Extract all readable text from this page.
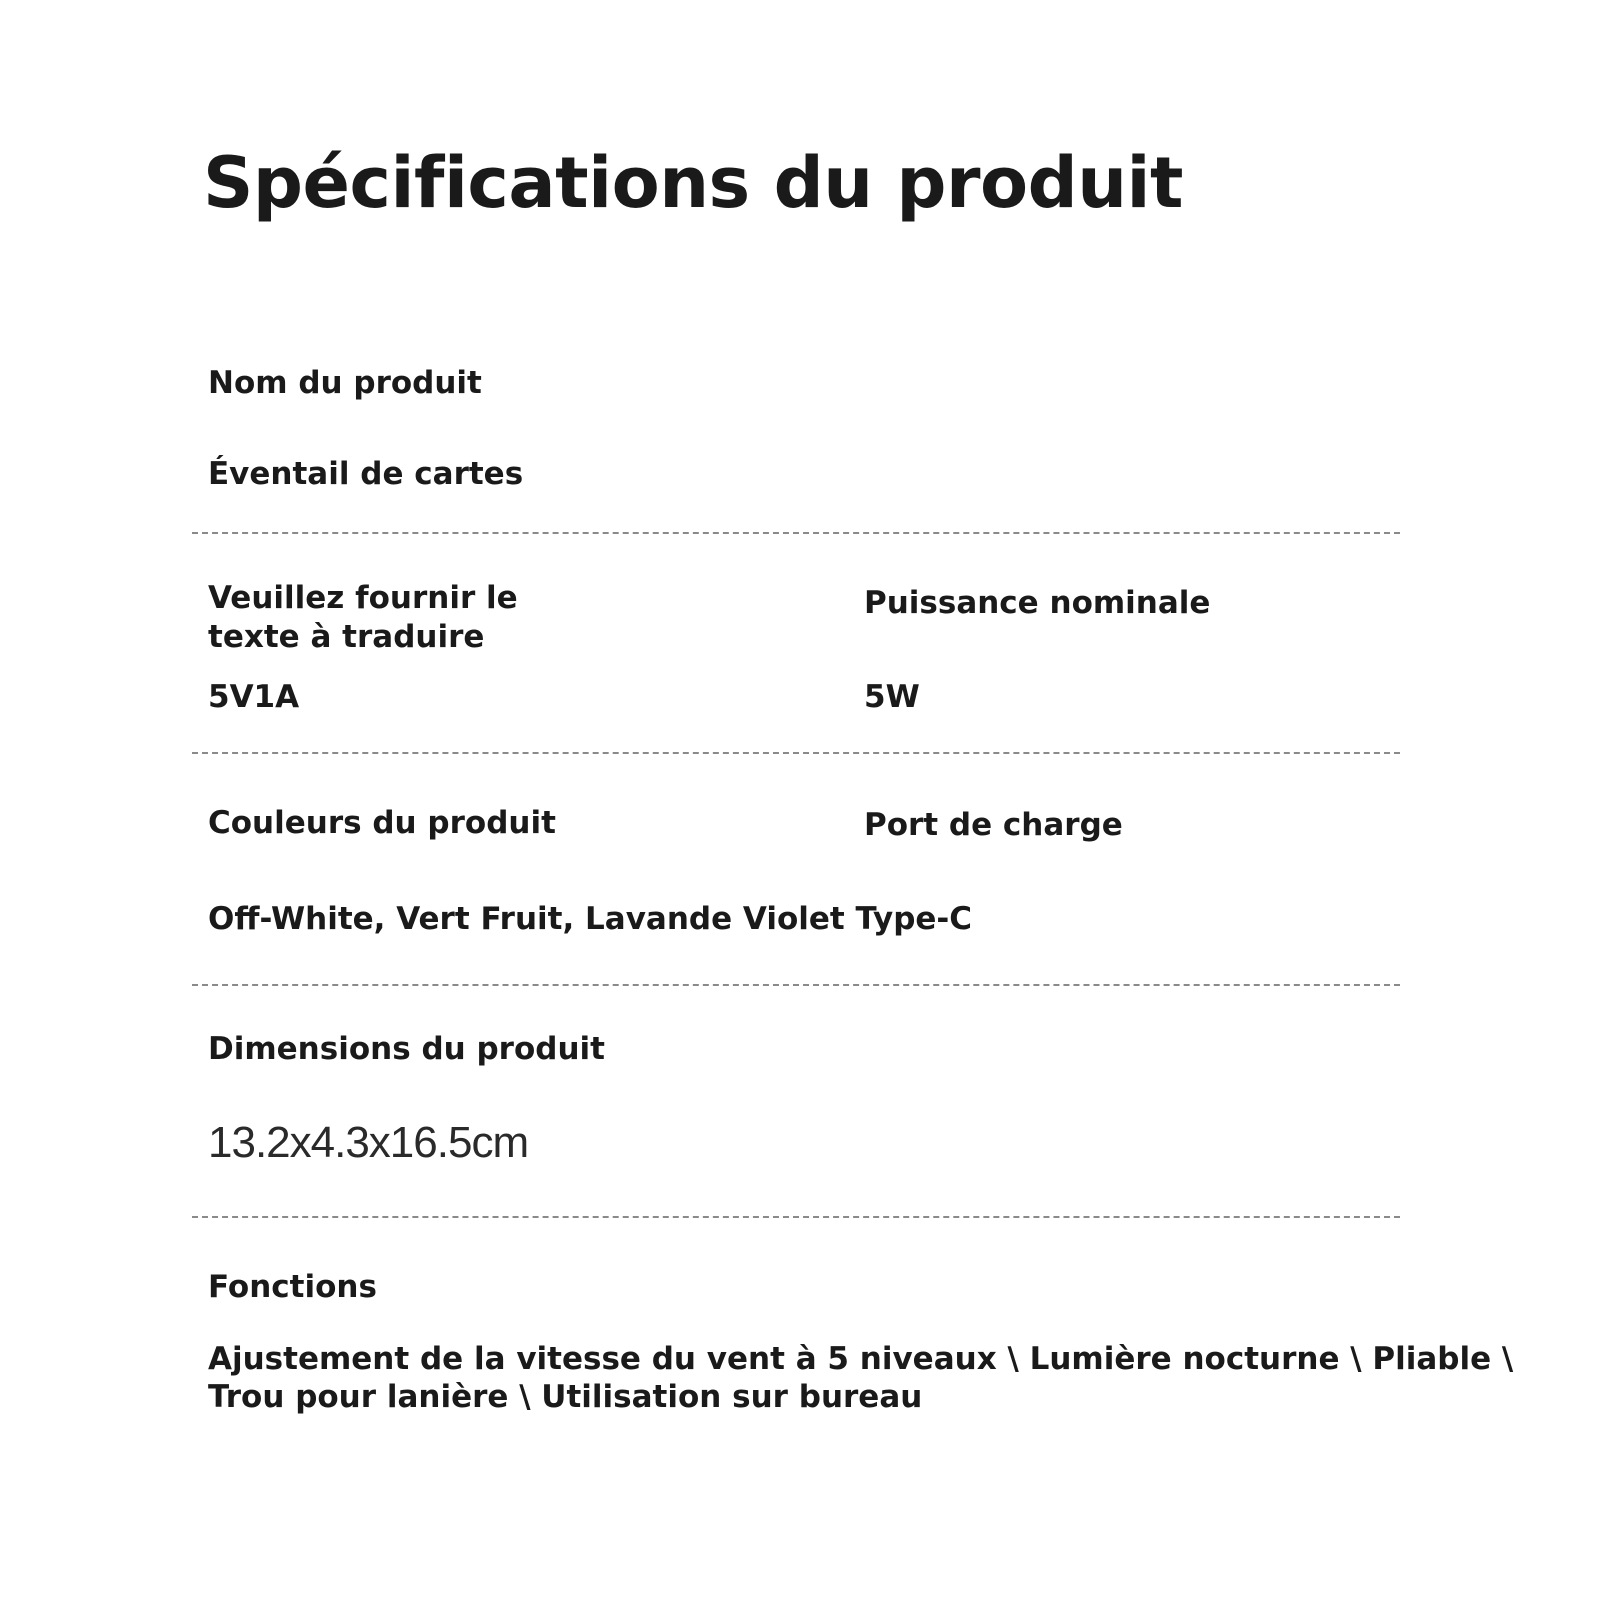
Spécifications du produit
Nom du produit
Éventail de cartes
Veuillez fournir le
texte à traduire
5V1A
Puissance nominale
5W
Couleurs du produit	Port de charge
Off-White, Vert Fruit, Lavande Violet Type-C
Dimensions du produit
13.2x4.3x16.5cm
Fonctions
Ajustement de la vitesse du vent à 5 niveaux \ Lumière nocturne \ Pliable \
Trou pour lanière \ Utilisation sur bureau
